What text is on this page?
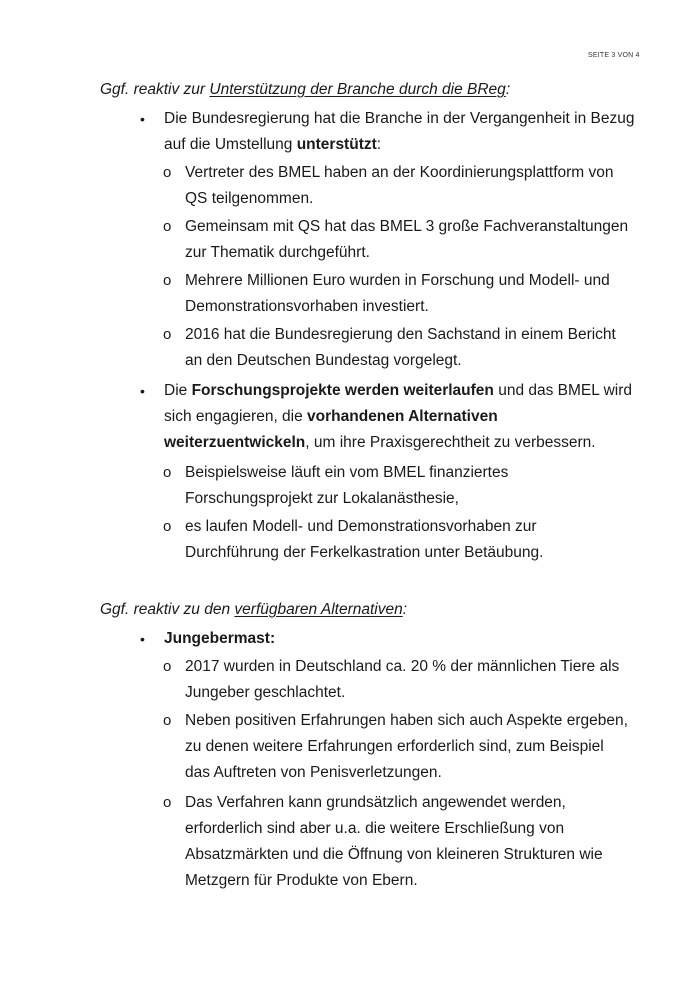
SEITE 3 VON 4
Ggf. reaktiv zur Unterstützung der Branche durch die BReg:
•	Die Bundesregierung hat die Branche in der Vergangenheit in Bezug auf die Umstellung unterstützt:
o Vertreter des BMEL haben an der Koordinierungsplattform von QS teilgenommen.
o Gemeinsam mit QS hat das BMEL 3 große Fachveranstaltungen zur Thematik durchgeführt.
o Mehrere Millionen Euro wurden in Forschung und Modell- und Demonstrationsvorhaben investiert.
o 2016 hat die Bundesregierung den Sachstand in einem Bericht an den Deutschen Bundestag vorgelegt.
•	Die Forschungsprojekte werden weiterlaufen und das BMEL wird sich engagieren, die vorhandenen Alternativen weiterzuentwickeln, um ihre Praxisgerechtheit zu verbessern.
o Beispielsweise läuft ein vom BMEL finanziertes Forschungsprojekt zur Lokalanästhesie,
o es laufen Modell- und Demonstrationsvorhaben zur Durchführung der Ferkelkastration unter Betäubung.
Ggf. reaktiv zu den verfügbaren Alternativen:
•	Jungebermast:
o 2017 wurden in Deutschland ca. 20 % der männlichen Tiere als Jungeber geschlachtet.
o Neben positiven Erfahrungen haben sich auch Aspekte ergeben, zu denen weitere Erfahrungen erforderlich sind, zum Beispiel das Auftreten von Penisverletzungen.
o Das Verfahren kann grundsätzlich angewendet werden, erforderlich sind aber u.a. die weitere Erschließung von Absatzmärkten und die Öffnung von kleineren Strukturen wie Metzgern für Produkte von Ebern.
